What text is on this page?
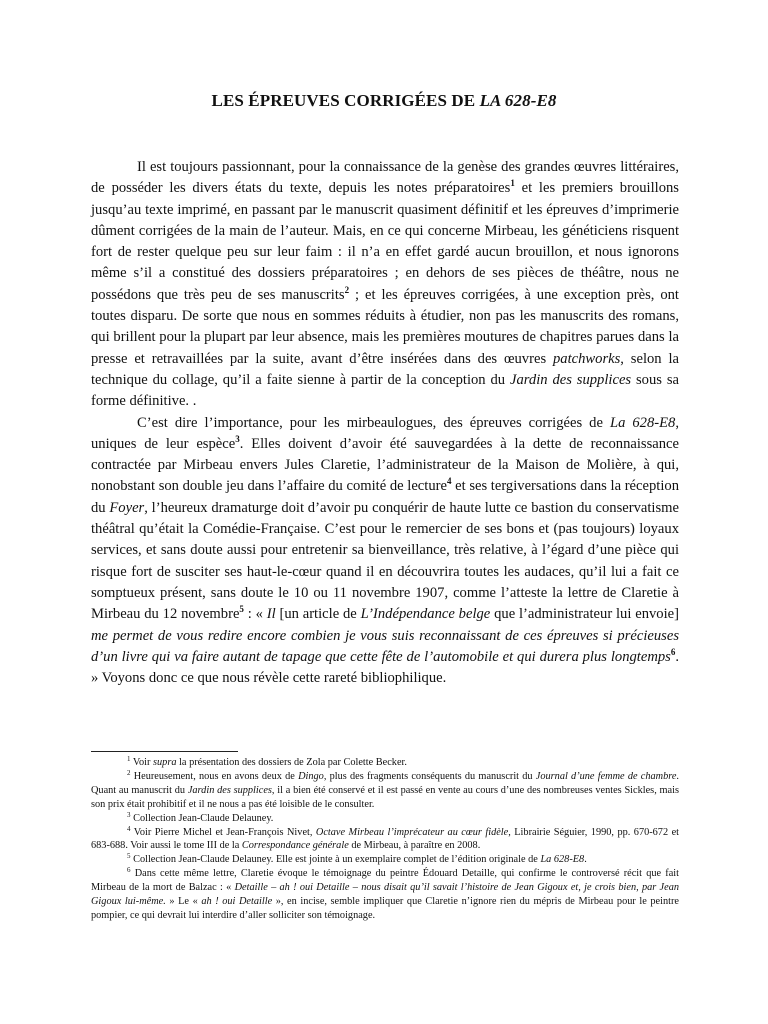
LES ÉPREUVES CORRIGÉES DE LA 628-E8

Il est toujours passionnant, pour la connaissance de la genèse des grandes œuvres littéraires, de posséder les divers états du texte, depuis les notes préparatoires$^1$ et les premiers brouillons jusqu’au texte imprimé, en passant par le manuscrit quasiment définitif et les épreuves d’imprimerie dûment corrigées de la main de l’auteur. Mais, en ce qui concerne Mirbeau, les généticiens risquent fort de rester quelque peu sur leur faim : il n’a en effet gardé aucun brouillon, et nous ignorons même s’il a constitué des dossiers préparatoires ; en dehors de ses pièces de théâtre, nous ne possédons que très peu de ses manuscrits$^2$ ; et les épreuves corrigées, à une exception près, ont toutes disparu. De sorte que nous en sommes réduits à étudier, non pas les manuscrits des romans, qui brillent pour la plupart par leur absence, mais les premières moutures de chapitres parues dans la presse et retravaillées par la suite, avant d’être insérées dans des œuvres patchworks, selon la technique du collage, qu’il a faite sienne à partir de la conception du Jardin des supplices sous sa forme définitive. .

C’est dire l’importance, pour les mirbeaulogues, des épreuves corrigées de La 628-E8, uniques de leur espèce$^3$. Elles doivent d’avoir été sauvegardées à la dette de reconnaissance contractée par Mirbeau envers Jules Claretie, l’administrateur de la Maison de Molière, à qui, nonobstant son double jeu dans l’affaire du comité de lecture$^4$ et ses tergiversations dans la réception du Foyer, l’heureux dramaturge doit d’avoir pu conquérir de haute lutte ce bastion du conservatisme théâtral qu’était la Comédie-Française. C’est pour le remercier de ses bons et (pas toujours) loyaux services, et sans doute aussi pour entretenir sa bienveillance, très relative, à l’égard d’une pièce qui risque fort de susciter ses haut-le-cœur quand il en découvrira toutes les audaces, qu’il lui a fait ce somptueux présent, sans doute le 10 ou 11 novembre 1907, comme l’atteste la lettre de Claretie à Mirbeau du 12 novembre$^5$ : « Il [un article de L’Indépendance belge que l’administrateur lui envoie] me permet de vous redire encore combien je vous suis reconnaissant de ces épreuves si précieuses d’un livre qui va faire autant de tapage que cette fête de l’automobile et qui durera plus longtemps$^6$. » Voyons donc ce que nous révèle cette rareté bibliophilique.

$^1$ Voir supra la présentation des dossiers de Zola par Colette Becker.

$^2$ Heureusement, nous en avons deux de Dingo, plus des fragments conséquents du manuscrit du Journal d’une femme de chambre. Quant au manuscrit du Jardin des supplices, il a bien été conservé et il est passé en vente au cours d’une des nombreuses ventes Sickles, mais son prix était prohibitif et il ne nous a pas été loisible de le consulter.

$^3$ Collection Jean-Claude Delauney.

$^4$ Voir Pierre Michel et Jean-François Nivet, Octave Mirbeau l’imprécateur au cœur fidèle, Librairie Séguier, 1990, pp. 670-672 et 683-688. Voir aussi le tome III de la Correspondance générale de Mirbeau, à paraître en 2008.

$^5$ Collection Jean-Claude Delauney. Elle est jointe à un exemplaire complet de l’édition originale de La 628-E8.

$^6$ Dans cette même lettre, Claretie évoque le témoignage du peintre Édouard Detaille, qui confirme le controversé récit que fait Mirbeau de la mort de Balzac : « Detaille – ah ! oui Detaille – nous disait qu’il savait l’histoire de Jean Gigoux et, je crois bien, par Jean Gigoux lui-même. » Le « ah ! oui Detaille », en incise, semble impliquer que Claretie n’ignore rien du mépris de Mirbeau pour le peintre pompier, ce qui devrait lui interdire d’aller solliciter son témoignage.
